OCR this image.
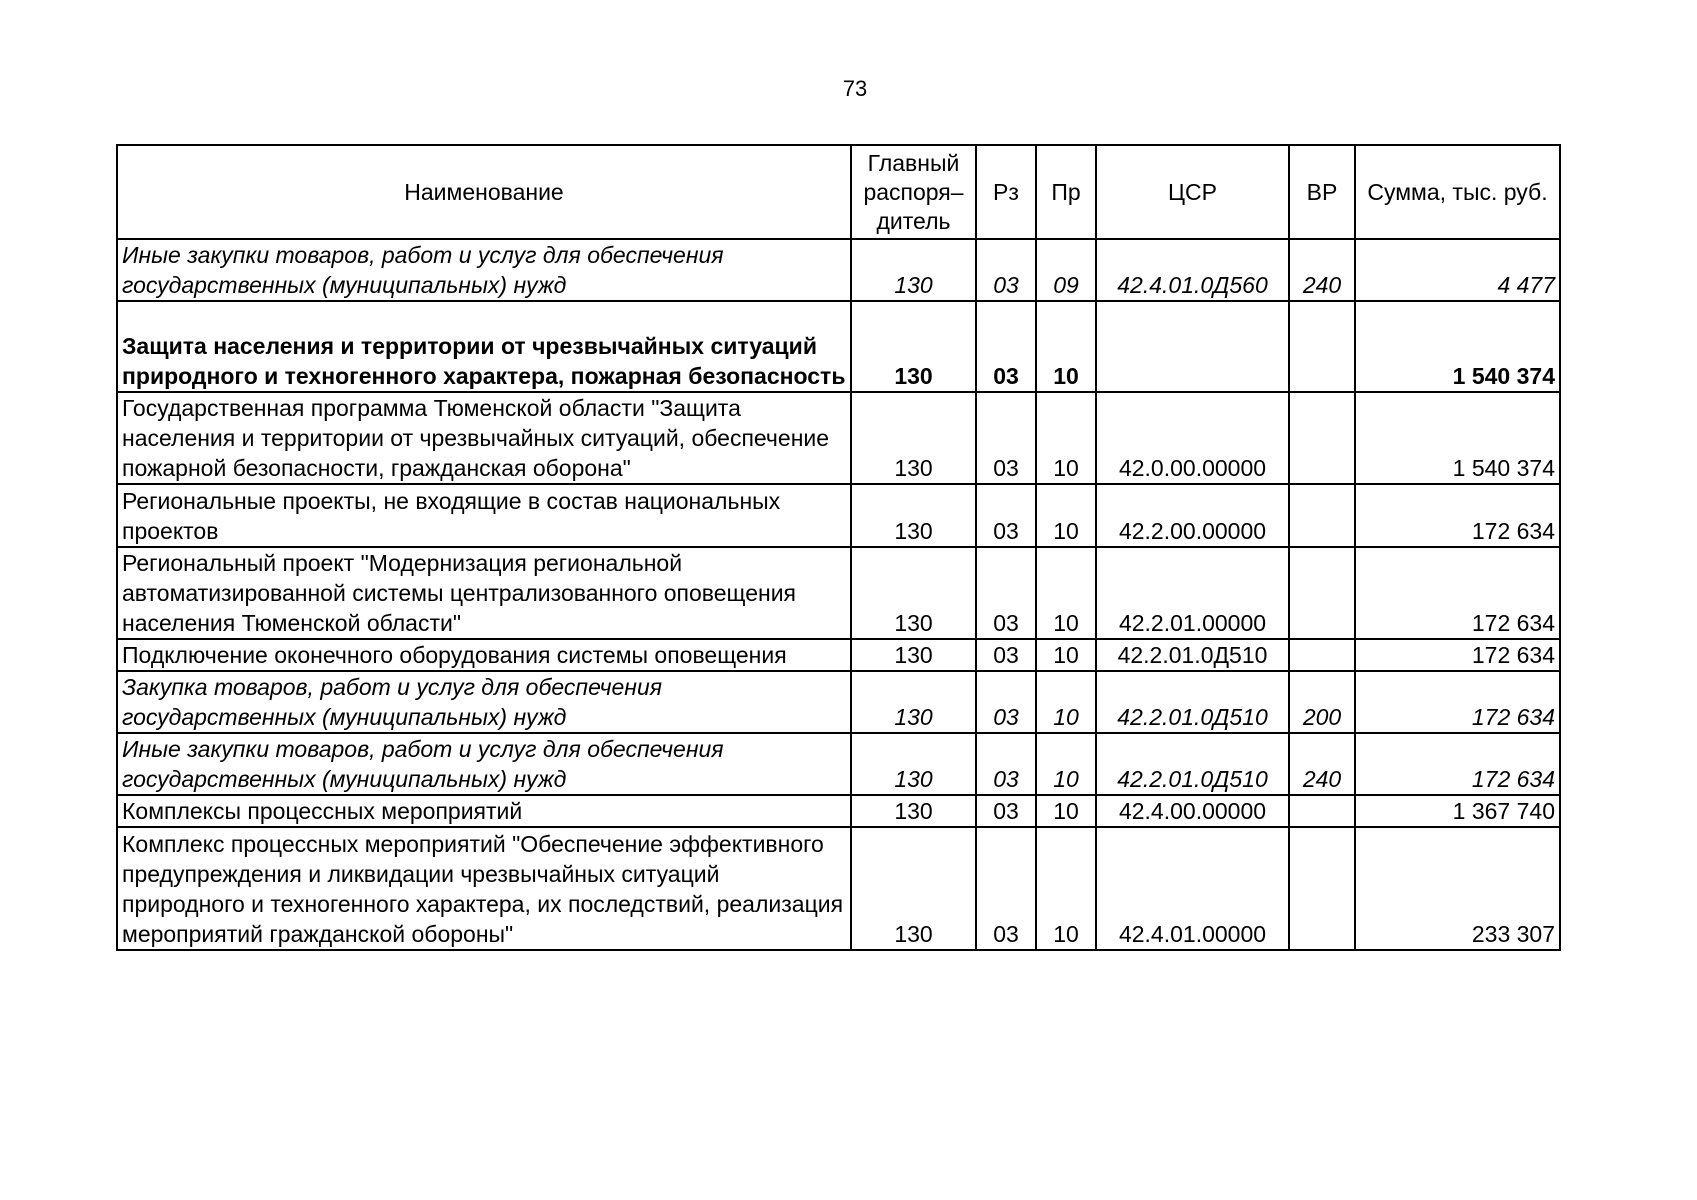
73
Наименование	Главный распоря–дитель	Рз	Пр	ЦСР	ВР	Сумма, тыс. руб.
Иные закупки товаров, работ и услуг для обеспечения государственных (муниципальных) нужд	130	03	09	42.4.01.0Д560	240	4 477
Защита населения и территории от чрезвычайных ситуаций природного и техногенного характера, пожарная безопасность	130	03	10			1 540 374
Государственная программа Тюменской области "Защита населения и территории от чрезвычайных ситуаций, обеспечение пожарной безопасности, гражданская оборона"	130	03	10	42.0.00.00000		1 540 374
Региональные проекты, не входящие в состав национальных проектов	130	03	10	42.2.00.00000		172 634
Региональный проект "Модернизация региональной автоматизированной системы централизованного оповещения населения Тюменской области"	130	03	10	42.2.01.00000		172 634
Подключение оконечного оборудования системы оповещения	130	03	10	42.2.01.0Д510		172 634
Закупка товаров, работ и услуг для обеспечения государственных (муниципальных) нужд	130	03	10	42.2.01.0Д510	200	172 634
Иные закупки товаров, работ и услуг для обеспечения государственных (муниципальных) нужд	130	03	10	42.2.01.0Д510	240	172 634
Комплексы процессных мероприятий	130	03	10	42.4.00.00000		1 367 740
Комплекс процессных мероприятий "Обеспечение эффективного предупреждения и ликвидации чрезвычайных ситуаций природного и техногенного характера, их последствий, реализация мероприятий гражданской обороны"	130	03	10	42.4.01.00000		233 307
